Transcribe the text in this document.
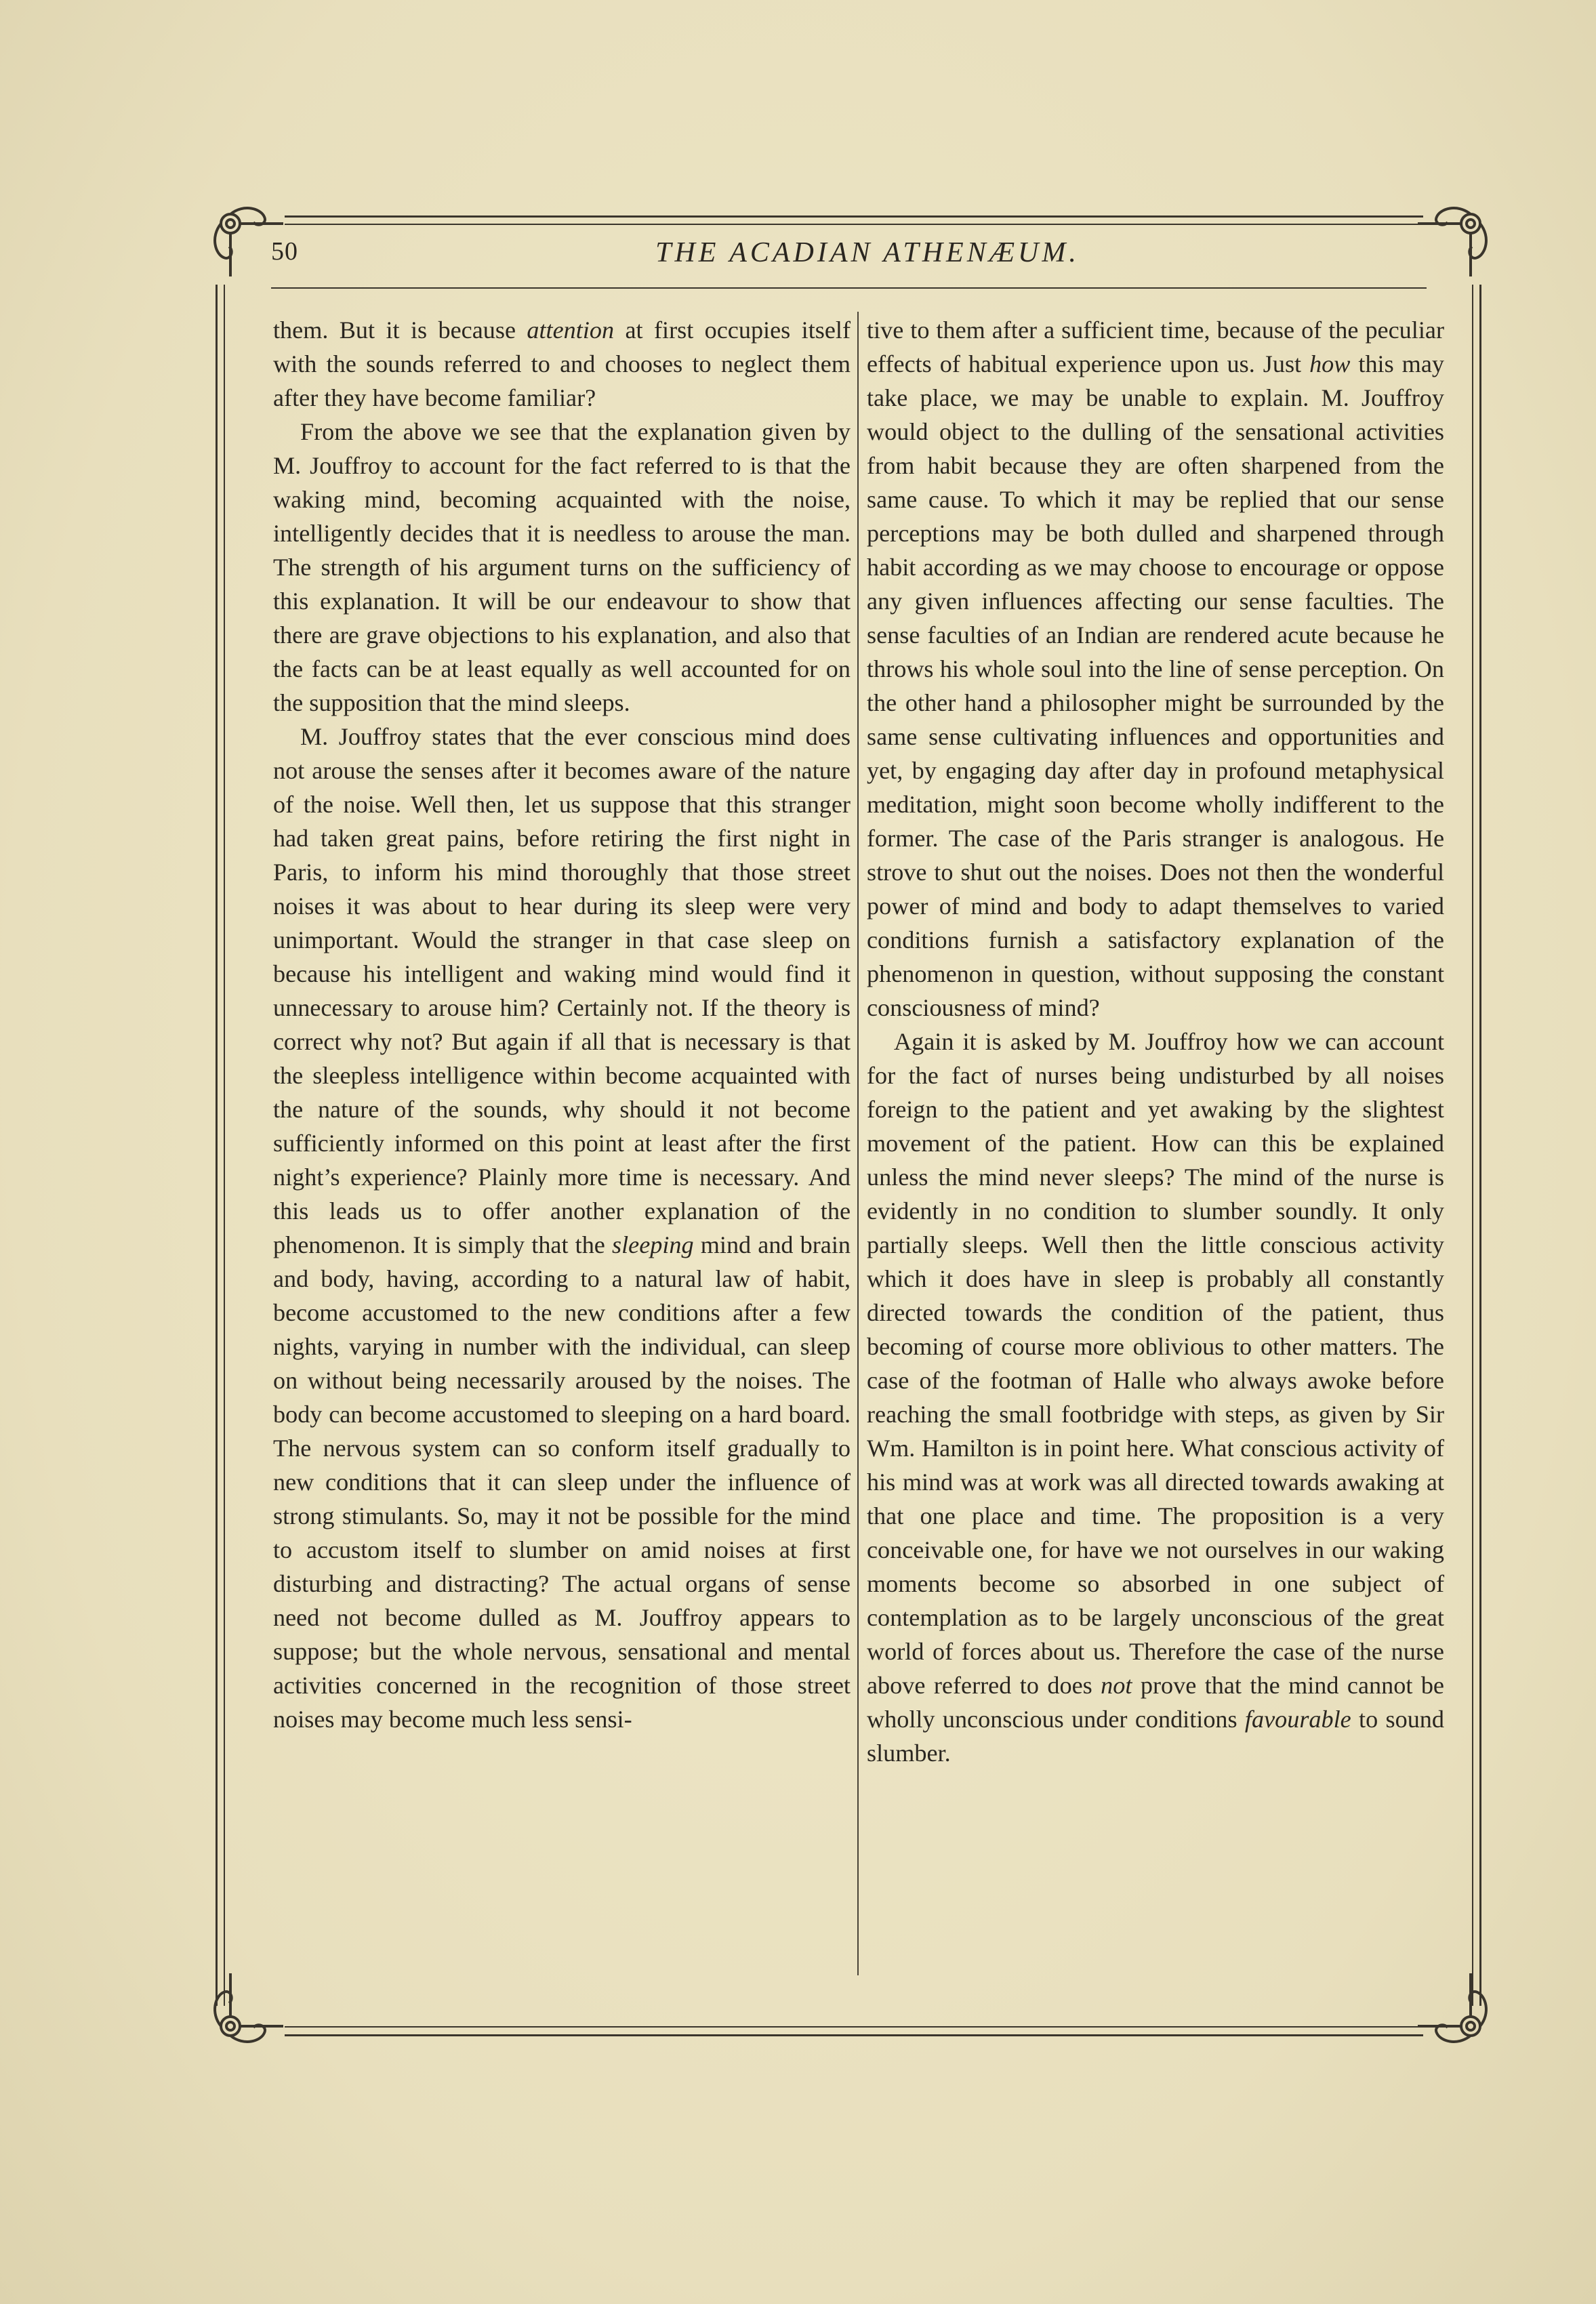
50	THE ACADIAN ATHENÆUM.

them. But it is because attention at first occupies itself with the sounds referred to and chooses to neglect them after they have become familiar?

From the above we see that the explanation given by M. Jouffroy to account for the fact referred to is that the waking mind, becoming acquainted with the noise, intelligently decides that it is needless to arouse the man. The strength of his argument turns on the sufficiency of this explanation. It will be our endeavour to show that there are grave objections to his explanation, and also that the facts can be at least equally as well accounted for on the supposition that the mind sleeps.

M. Jouffroy states that the ever conscious mind does not arouse the senses after it becomes aware of the nature of the noise. Well then, let us suppose that this stranger had taken great pains, before retiring the first night in Paris, to inform his mind thoroughly that those street noises it was about to hear during its sleep were very unimportant. Would the stranger in that case sleep on because his intelligent and waking mind would find it unnecessary to arouse him? Certainly not. If the theory is correct why not? But again if all that is necessary is that the sleepless intelligence within become acquainted with the nature of the sounds, why should it not become sufficiently informed on this point at least after the first night’s experience? Plainly more time is necessary. And this leads us to offer another explanation of the phenomenon. It is simply that the sleeping mind and brain and body, having, according to a natural law of habit, become accustomed to the new conditions after a few nights, varying in number with the individual, can sleep on without being necessarily aroused by the noises. The body can become accustomed to sleeping on a hard board. The nervous system can so conform itself gradually to new conditions that it can sleep under the influence of strong stimulants. So, may it not be possible for the mind to accustom itself to slumber on amid noises at first disturbing and distracting? The actual organs of sense need not become dulled as M. Jouffroy appears to suppose; but the whole nervous, sensational and mental activities concerned in the recognition of those street noises may become much less sensi-

tive to them after a sufficient time, because of the peculiar effects of habitual experience upon us. Just how this may take place, we may be unable to explain. M. Jouffroy would object to the dulling of the sensational activities from habit because they are often sharpened from the same cause. To which it may be replied that our sense perceptions may be both dulled and sharpened through habit according as we may choose to encourage or oppose any given influences affecting our sense faculties. The sense faculties of an Indian are rendered acute because he throws his whole soul into the line of sense perception. On the other hand a philosopher might be surrounded by the same sense cultivating influences and opportunities and yet, by engaging day after day in profound metaphysical meditation, might soon become wholly indifferent to the former. The case of the Paris stranger is analogous. He strove to shut out the noises. Does not then the wonderful power of mind and body to adapt themselves to varied conditions furnish a satisfactory explanation of the phenomenon in question, without supposing the constant consciousness of mind?

Again it is asked by M. Jouffroy how we can account for the fact of nurses being undisturbed by all noises foreign to the patient and yet awaking by the slightest movement of the patient. How can this be explained unless the mind never sleeps? The mind of the nurse is evidently in no condition to slumber soundly. It only partially sleeps. Well then the little conscious activity which it does have in sleep is probably all constantly directed towards the condition of the patient, thus becoming of course more oblivious to other matters. The case of the footman of Halle who always awoke before reaching the small footbridge with steps, as given by Sir Wm. Hamilton is in point here. What conscious activity of his mind was at work was all directed towards awaking at that one place and time. The proposition is a very conceivable one, for have we not ourselves in our waking moments become so absorbed in one subject of contemplation as to be largely unconscious of the great world of forces about us. Therefore the case of the nurse above referred to does not prove that the mind cannot be wholly unconscious under conditions favourable to sound slumber.
